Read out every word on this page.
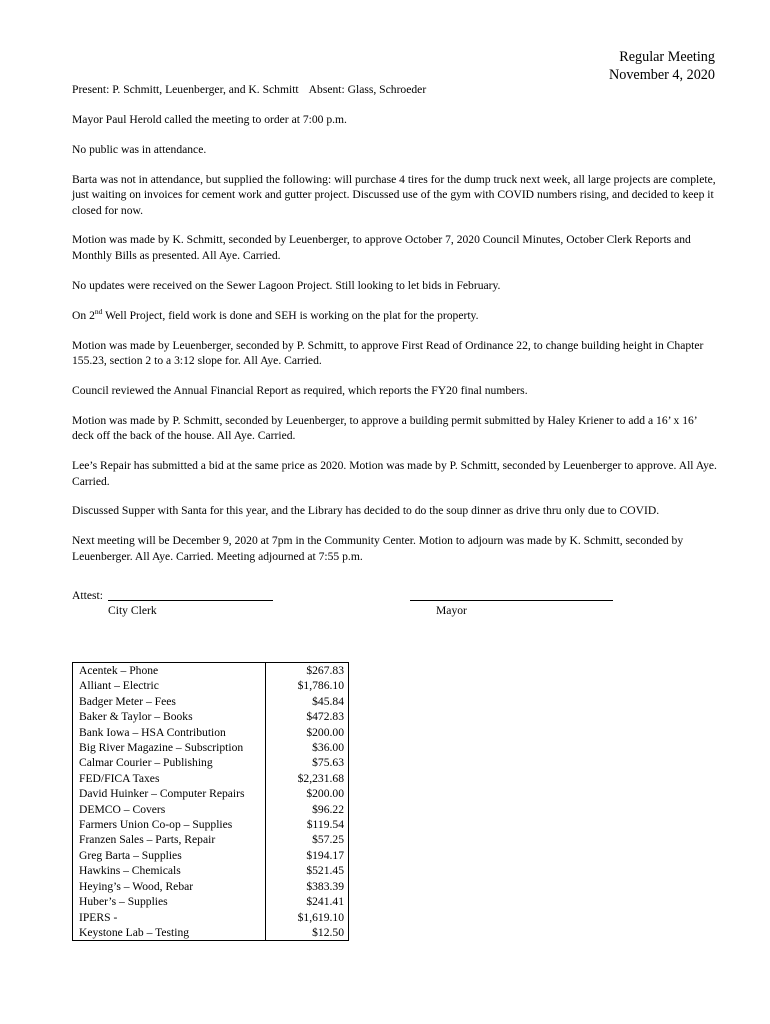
Regular Meeting
November 4, 2020

Present: P. Schmitt, Leuenberger, and K. Schmitt Absent: Glass, Schroeder

Mayor Paul Herold called the meeting to order at 7:00 p.m.

No public was in attendance.

Barta was not in attendance, but supplied the following: will purchase 4 tires for the dump truck next week, all large projects are complete, just waiting on invoices for cement work and gutter project. Discussed use of the gym with COVID numbers rising, and decided to keep it closed for now.

Motion was made by K. Schmitt, seconded by Leuenberger, to approve October 7, 2020 Council Minutes, October Clerk Reports and Monthly Bills as presented. All Aye. Carried.

No updates were received on the Sewer Lagoon Project. Still looking to let bids in February.

On 2nd Well Project, field work is done and SEH is working on the plat for the property.

Motion was made by Leuenberger, seconded by P. Schmitt, to approve First Read of Ordinance 22, to change building height in Chapter 155.23, section 2 to a 3:12 slope for. All Aye. Carried.

Council reviewed the Annual Financial Report as required, which reports the FY20 final numbers.

Motion was made by P. Schmitt, seconded by Leuenberger, to approve a building permit submitted by Haley Kriener to add a 16’ x 16’ deck off the back of the house. All Aye. Carried.

Lee’s Repair has submitted a bid at the same price as 2020. Motion was made by P. Schmitt, seconded by Leuenberger to approve. All Aye. Carried.

Discussed Supper with Santa for this year, and the Library has decided to do the soup dinner as drive thru only due to COVID.

Next meeting will be December 9, 2020 at 7pm in the Community Center. Motion to adjourn was made by K. Schmitt, seconded by Leuenberger. All Aye. Carried. Meeting adjourned at 7:55 p.m.

Attest:
City Clerk	Mayor
Acentek – Phone	$267.83
Alliant – Electric	$1,786.10
Badger Meter – Fees	$45.84
Baker & Taylor – Books	$472.83
Bank Iowa – HSA Contribution	$200.00
Big River Magazine – Subscription	$36.00
Calmar Courier – Publishing	$75.63
FED/FICA Taxes	$2,231.68
David Huinker – Computer Repairs	$200.00
DEMCO – Covers	$96.22
Farmers Union Co-op – Supplies	$119.54
Franzen Sales – Parts, Repair	$57.25
Greg Barta – Supplies	$194.17
Hawkins – Chemicals	$521.45
Heying’s – Wood, Rebar	$383.39
Huber’s – Supplies	$241.41
IPERS -	$1,619.10
Keystone Lab – Testing	$12.50
